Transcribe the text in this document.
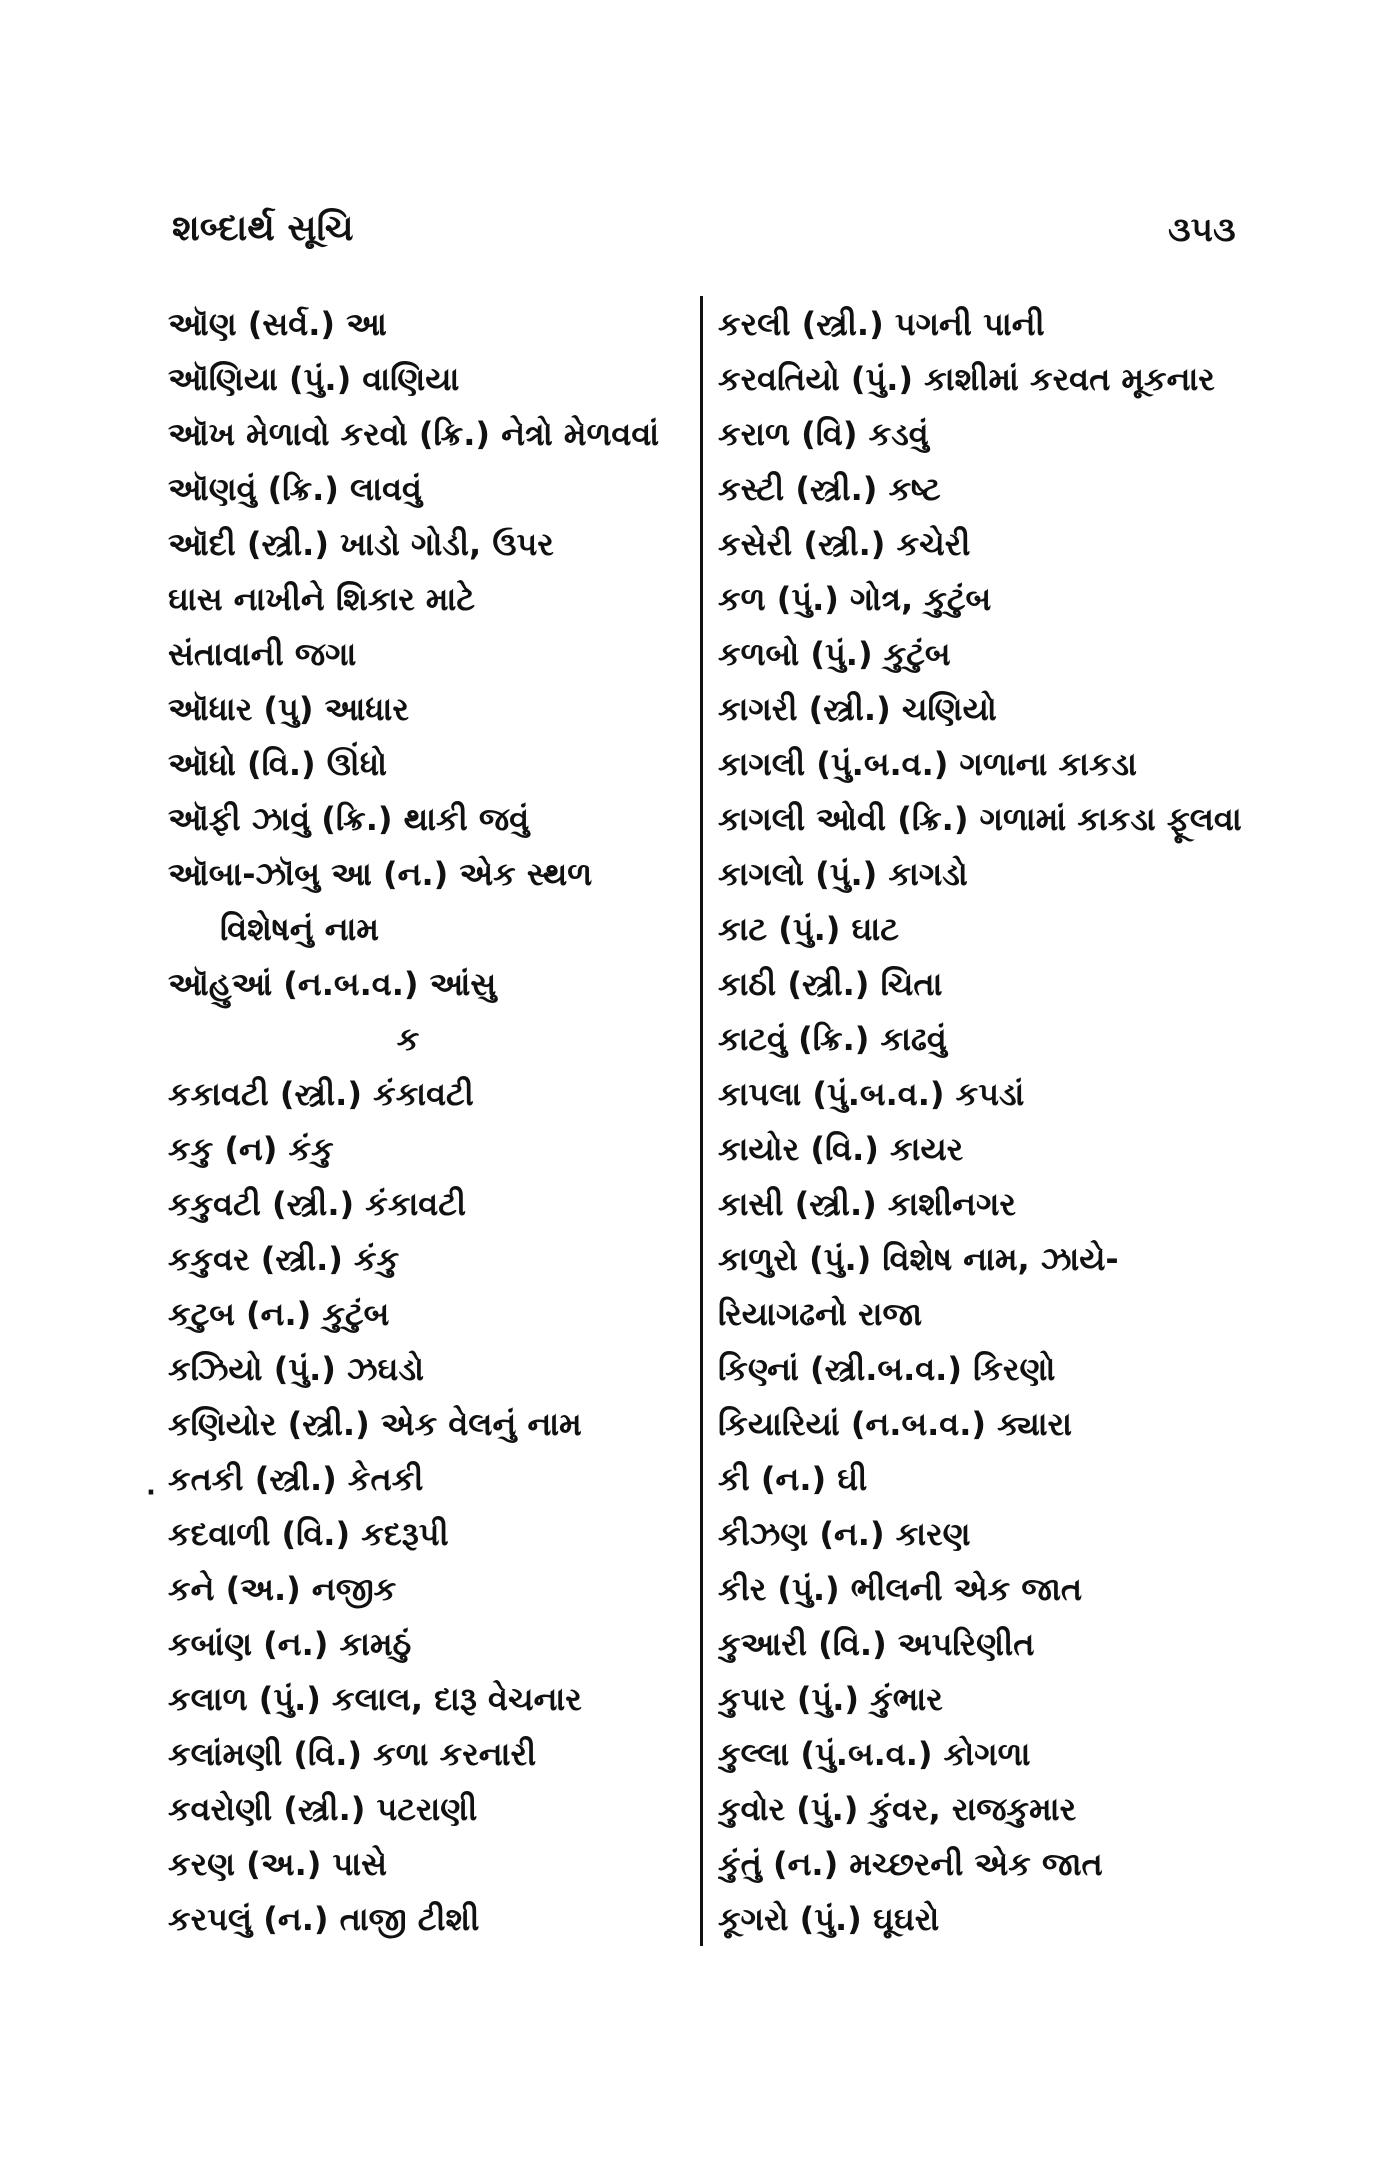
શબ્દાર્થ સૂચિ	૩૫૩
·
ઑણ (સર્વ.) આ
ઑણિયા (પું.) વાણિયા
ઑખ મેળાવો કરવો (ક્રિ.) નેત્રો મેળવવાં
ઑણવું (ક્રિ.) લાવવું
ઑદી (સ્ત્રી.) ખાડો ગોડી, ઉપર
ઘાસ નાખીને શિકાર માટે
સંતાવાની જગા
ઑધાર (પુ) આધાર
ઑધો (વિ.) ઊંધો
ઑફી ઝાવું (ક્રિ.) થાકી જવું
ઑબા-ઝૉબુ આ (ન.) એક સ્થળ
વિશેષનું નામ
ઑહુઆં (ન.બ.વ.) આંસુ
ક
કકાવટી (સ્ત્રી.) કંકાવટી
કકુ (ન) કંકુ
કકુવટી (સ્ત્રી.) કંકાવટી
કકુવર (સ્ત્રી.) કંકુ
કટુબ (ન.) કુટુંબ
કઝિયો (પું.) ઝઘડો
કણિયોર (સ્ત્રી.) એક વેલનું નામ
કતકી (સ્ત્રી.) કેતકી
કદવાળી (વિ.) કદરૂપી
કને (અ.) નજીક
કબાંણ (ન.) કામઠું
કલાળ (પું.) કલાલ, દારૂ વેચનાર
કલાંમણી (વિ.) કળા કરનારી
કવરોણી (સ્ત્રી.) પટરાણી
કરણ (અ.) પાસે
કરપલું (ન.) તાજી ટીશી
કરલી (સ્ત્રી.) પગની પાની
કરવતિયો (પું.) કાશીમાં કરવત મૂકનાર
કરાળ (વિ) કડવું
કસ્ટી (સ્ત્રી.) કષ્ટ
કસેરી (સ્ત્રી.) કચેરી
કળ (પું.) ગોત્ર, કુટુંબ
કળબો (પું.) કુટુંબ
કાગરી (સ્ત્રી.) ચણિયો
કાગલી (પું.બ.વ.) ગળાના કાકડા
કાગલી ઓવી (ક્રિ.) ગળામાં કાકડા ફૂલવા
કાગલો (પું.) કાગડો
કાટ (પું.) ઘાટ
કાઠી (સ્ત્રી.) ચિતા
કાટવું (ક્રિ.) કાઢવું
કાપલા (પું.બ.વ.) કપડાં
કાયોર (વિ.) કાયર
કાસી (સ્ત્રી.) કાશીનગર
કાળુરો (પું.) વિશેષ નામ, ઝાયે-
રિયાગઢનો રાજા
કિણ્નાં (સ્ત્રી.બ.વ.) કિરણો
કિયારિયાં (ન.બ.વ.) ક્યારા
કી (ન.) ઘી
કીઝણ (ન.) કારણ
કીર (પું.) ભીલની એક જાત
કુઆરી (વિ.) અપરિણીત
કુપાર (પું.) કુંભાર
કુલ્લા (પું.બ.વ.) કોગળા
કુવોર (પું.) કુંવર, રાજકુમાર
કુંતું (ન.) મચ્છરની એક જાત
કૂગરો (પું.) ઘૂઘરો
